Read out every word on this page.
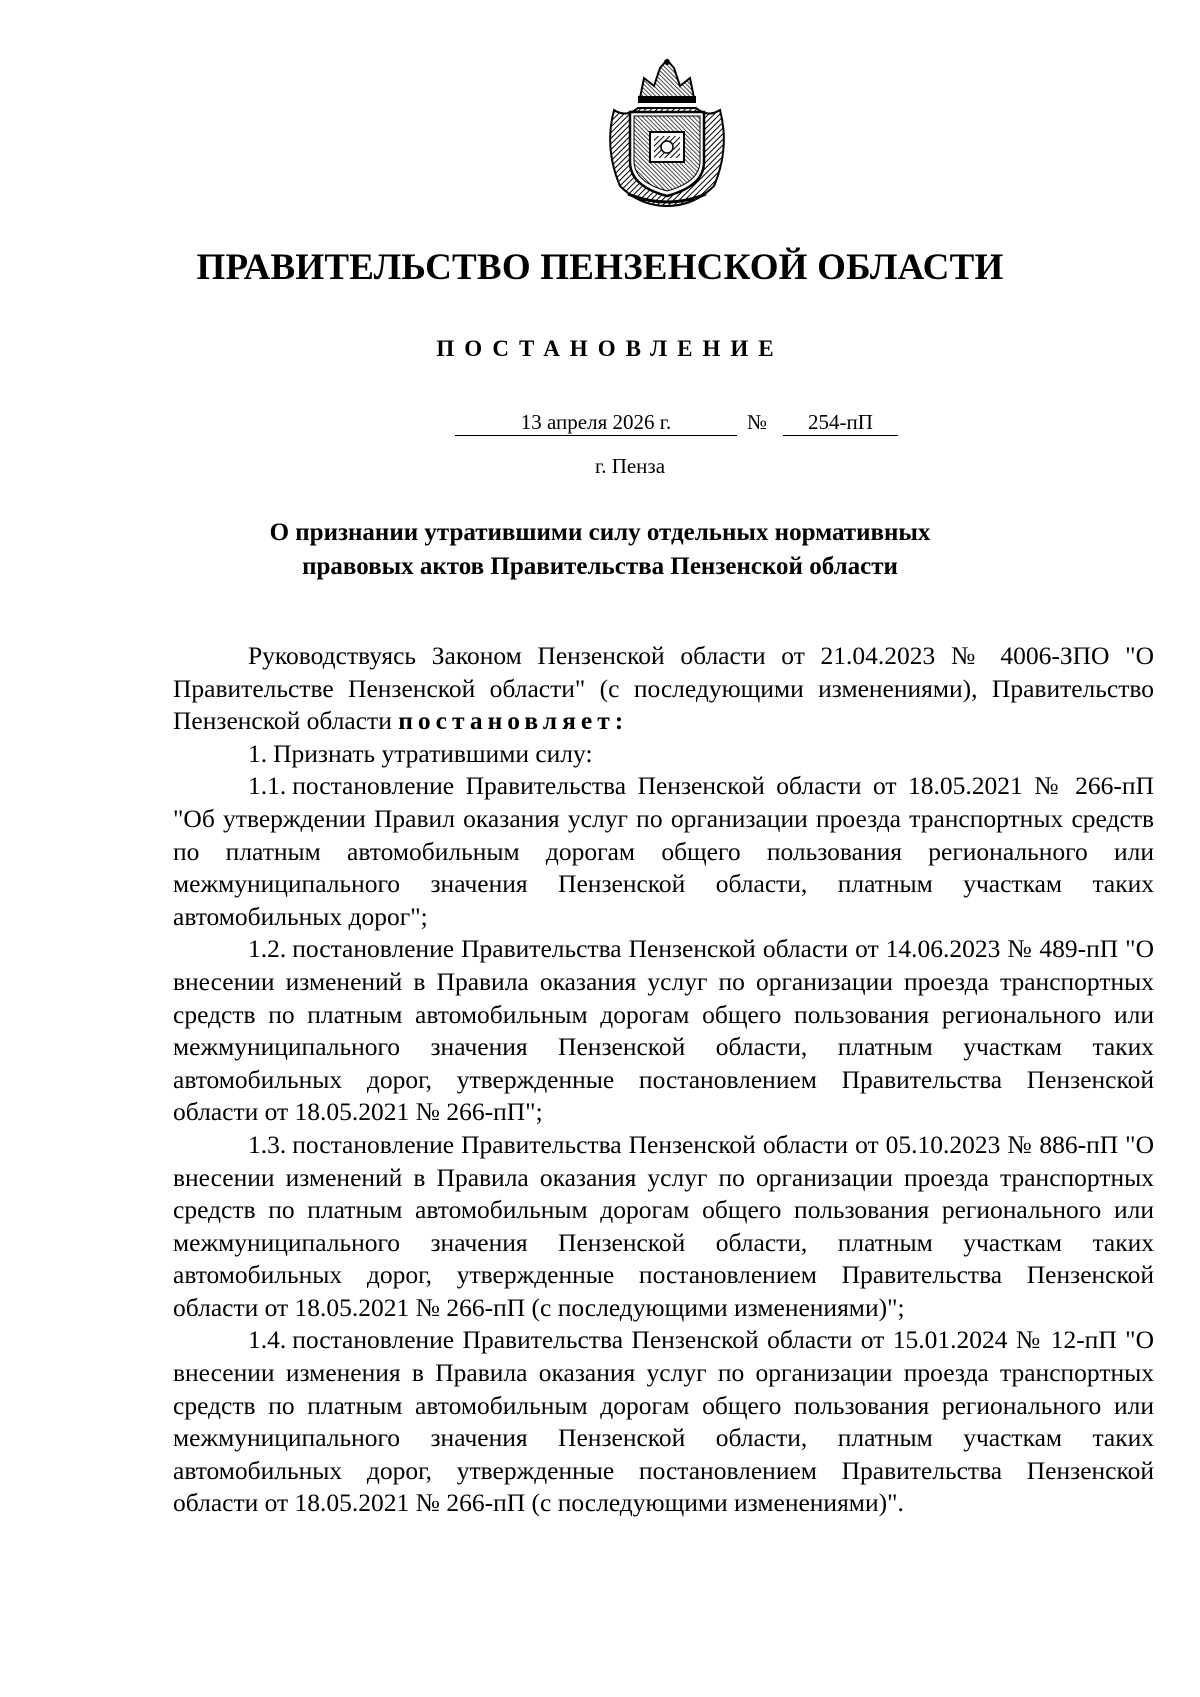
ПРАВИТЕЛЬСТВО ПЕНЗЕНСКОЙ ОБЛАСТИ
ПОСТАНОВЛЕНИЕ
13 апреля 2026 г.	№	254-пП
г. Пенза
О признании утратившими силу отдельных нормативных
правовых актов Правительства Пензенской области

Руководствуясь Законом Пензенской области от 21.04.2023 № 4006-ЗПО "О Правительстве Пензенской области" (с последующими изменениями), Правительство Пензенской области постановляет:

1. Признать утратившими силу:

1.1. постановление Правительства Пензенской области от 18.05.2021 № 266-пП "Об утверждении Правил оказания услуг по организации проезда транспортных средств по платным автомобильным дорогам общего пользования регионального или межмуниципального значения Пензенской области, платным участкам таких автомобильных дорог";

1.2. постановление Правительства Пензенской области от 14.06.2023 № 489-пП "О внесении изменений в Правила оказания услуг по организации проезда транспортных средств по платным автомобильным дорогам общего пользования регионального или межмуниципального значения Пензенской области, платным участкам таких автомобильных дорог, утвержденные постановлением Правительства Пензенской области от 18.05.2021 № 266-пП";

1.3. постановление Правительства Пензенской области от 05.10.2023 № 886-пП "О внесении изменений в Правила оказания услуг по организации проезда транспортных средств по платным автомобильным дорогам общего пользования регионального или межмуниципального значения Пензенской области, платным участкам таких автомобильных дорог, утвержденные постановлением Правительства Пензенской области от 18.05.2021 № 266-пП (с последующими изменениями)";

1.4. постановление Правительства Пензенской области от 15.01.2024 № 12-пП "О внесении изменения в Правила оказания услуг по организации проезда транспортных средств по платным автомобильным дорогам общего пользования регионального или межмуниципального значения Пензенской области, платным участкам таких автомобильных дорог, утвержденные постановлением Правительства Пензенской области от 18.05.2021 № 266-пП (с последующими изменениями)".
